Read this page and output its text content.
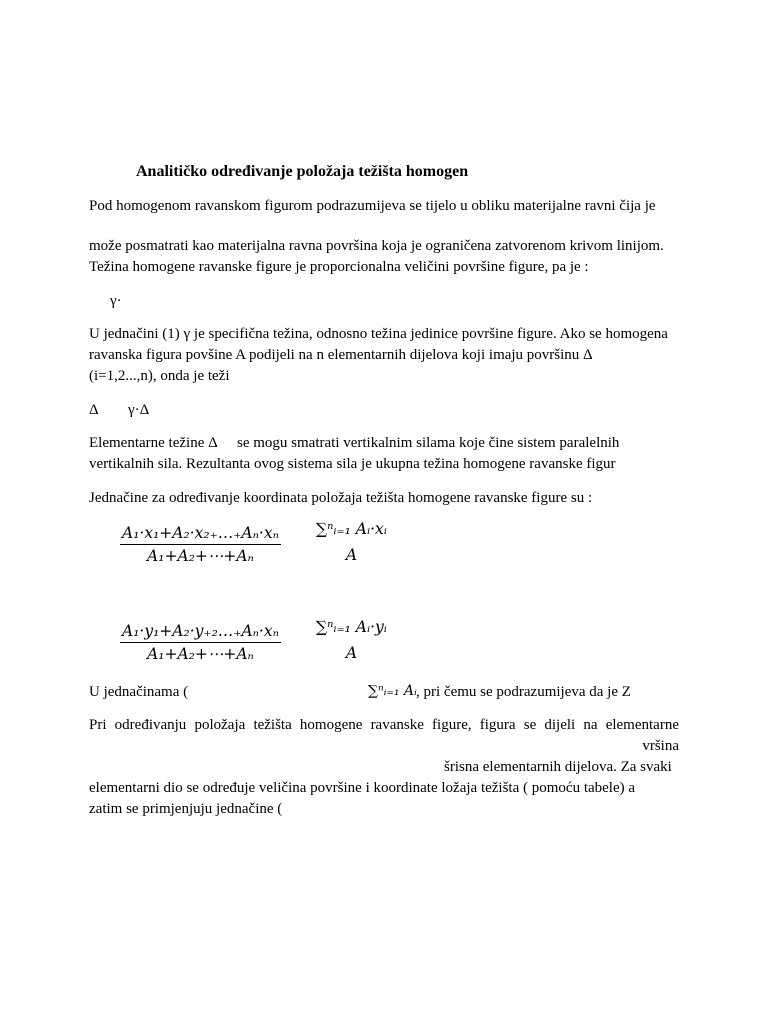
Analitičko određivanje položaja težišta homogen
Pod homogenom ravanskom figurom podrazumijeva se tijelo u obliku materijalne ravni čija je
može posmatrati kao materijalna ravna površina koja je ograničena zatvorenom krivom linijom.
Težina homogene ravanske figure je proporcionalna veličini površine figure, pa je :
γ·
U jednačini (1) γ je specifična težina, odnosno težina jedinice površine figure. Ako se homogena
ravanska figura povšine A podijeli na n elementarnih dijelova koji imaju površinu Δ
(i=1,2...,n), onda je teži
Δ γ·Δ
Elementarne težine Δ se mogu smatrati vertikalnim silama koje čine sistem paralelnih
vertikalnih sila. Rezultanta ovog sistema sila je ukupna težina homogene ravanske figur
Jednačine za određivanje koordinata položaja težišta homogene ravanske figure su :
$\frac{\text{A₁·x₁+A₂·x₂₊…₊Aₙ·xₙ}}{\text{A₁+A₂+⋯+Aₙ}}$ ∑ⁿᵢ₌₁ Aᵢ·xᵢ
A
$\frac{\text{A₁·y₁+A₂·y₊₂…₊Aₙ·xₙ}}{\text{A₁+A₂+⋯+Aₙ}}$ ∑ⁿᵢ₌₁ Aᵢ·yᵢ
A
U jednačinama (	∑ⁿᵢ₌₁ Aᵢ , pri čemu se podrazumijeva da je Z
Pri određivanju položaja težišta homogene ravanske figure, figura se dijeli na elementarne
vršina
šrisna elementarnih dijelova. Za svaki
elementarni dio se određuje veličina površine i koordinate ložaja težišta ( pomoću tabele) a
zatim se primjenjuju jednačine (
